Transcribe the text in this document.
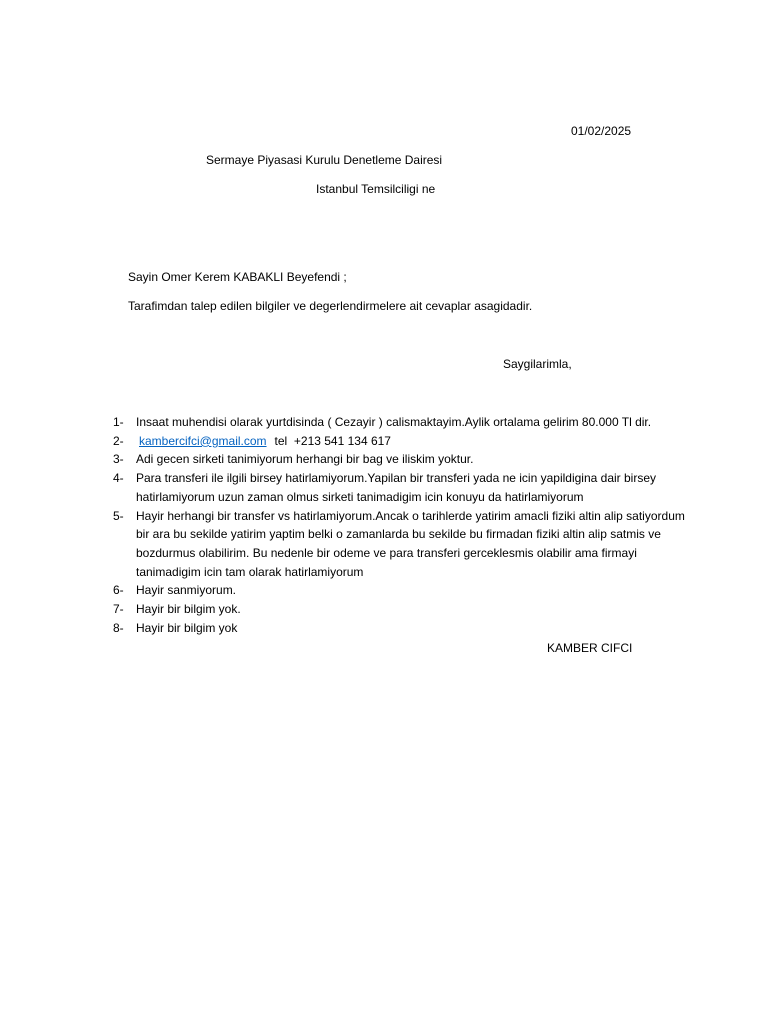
01/02/2025
Sermaye Piyasasi Kurulu Denetleme Dairesi
Istanbul Temsilciligi ne
Sayin Omer Kerem KABAKLI Beyefendi ;
Tarafimdan talep edilen bilgiler ve degerlendirmelere ait cevaplar asagidadir.
Saygilarimla,
1- Insaat muhendisi olarak yurtdisinda ( Cezayir ) calismaktayim.Aylik ortalama gelirim 80.000 Tl dir.
2- kambercifci@gmail.com tel  +213 541 134 617
3- Adi gecen sirketi tanimiyorum herhangi bir bag ve iliskim yoktur.
4- Para transferi ile ilgili birsey hatirlamiyorum.Yapilan bir transferi yada ne icin yapildigina dair birsey hatirlamiyorum uzun zaman olmus sirketi tanimadigim icin konuyu da hatirlamiyorum
5- Hayir herhangi bir transfer vs hatirlamiyorum.Ancak o tarihlerde yatirim amacli fiziki altin alip satiyordum bir ara bu sekilde yatirim yaptim belki o zamanlarda bu sekilde bu firmadan fiziki altin alip satmis ve bozdurmus olabilirim. Bu nedenle bir odeme ve para transferi gerceklesmis olabilir ama firmayi tanimadigim icin tam olarak hatirlamiyorum
6- Hayir sanmiyorum.
7- Hayir bir bilgim yok.
8- Hayir bir bilgim yok
KAMBER CIFCI
